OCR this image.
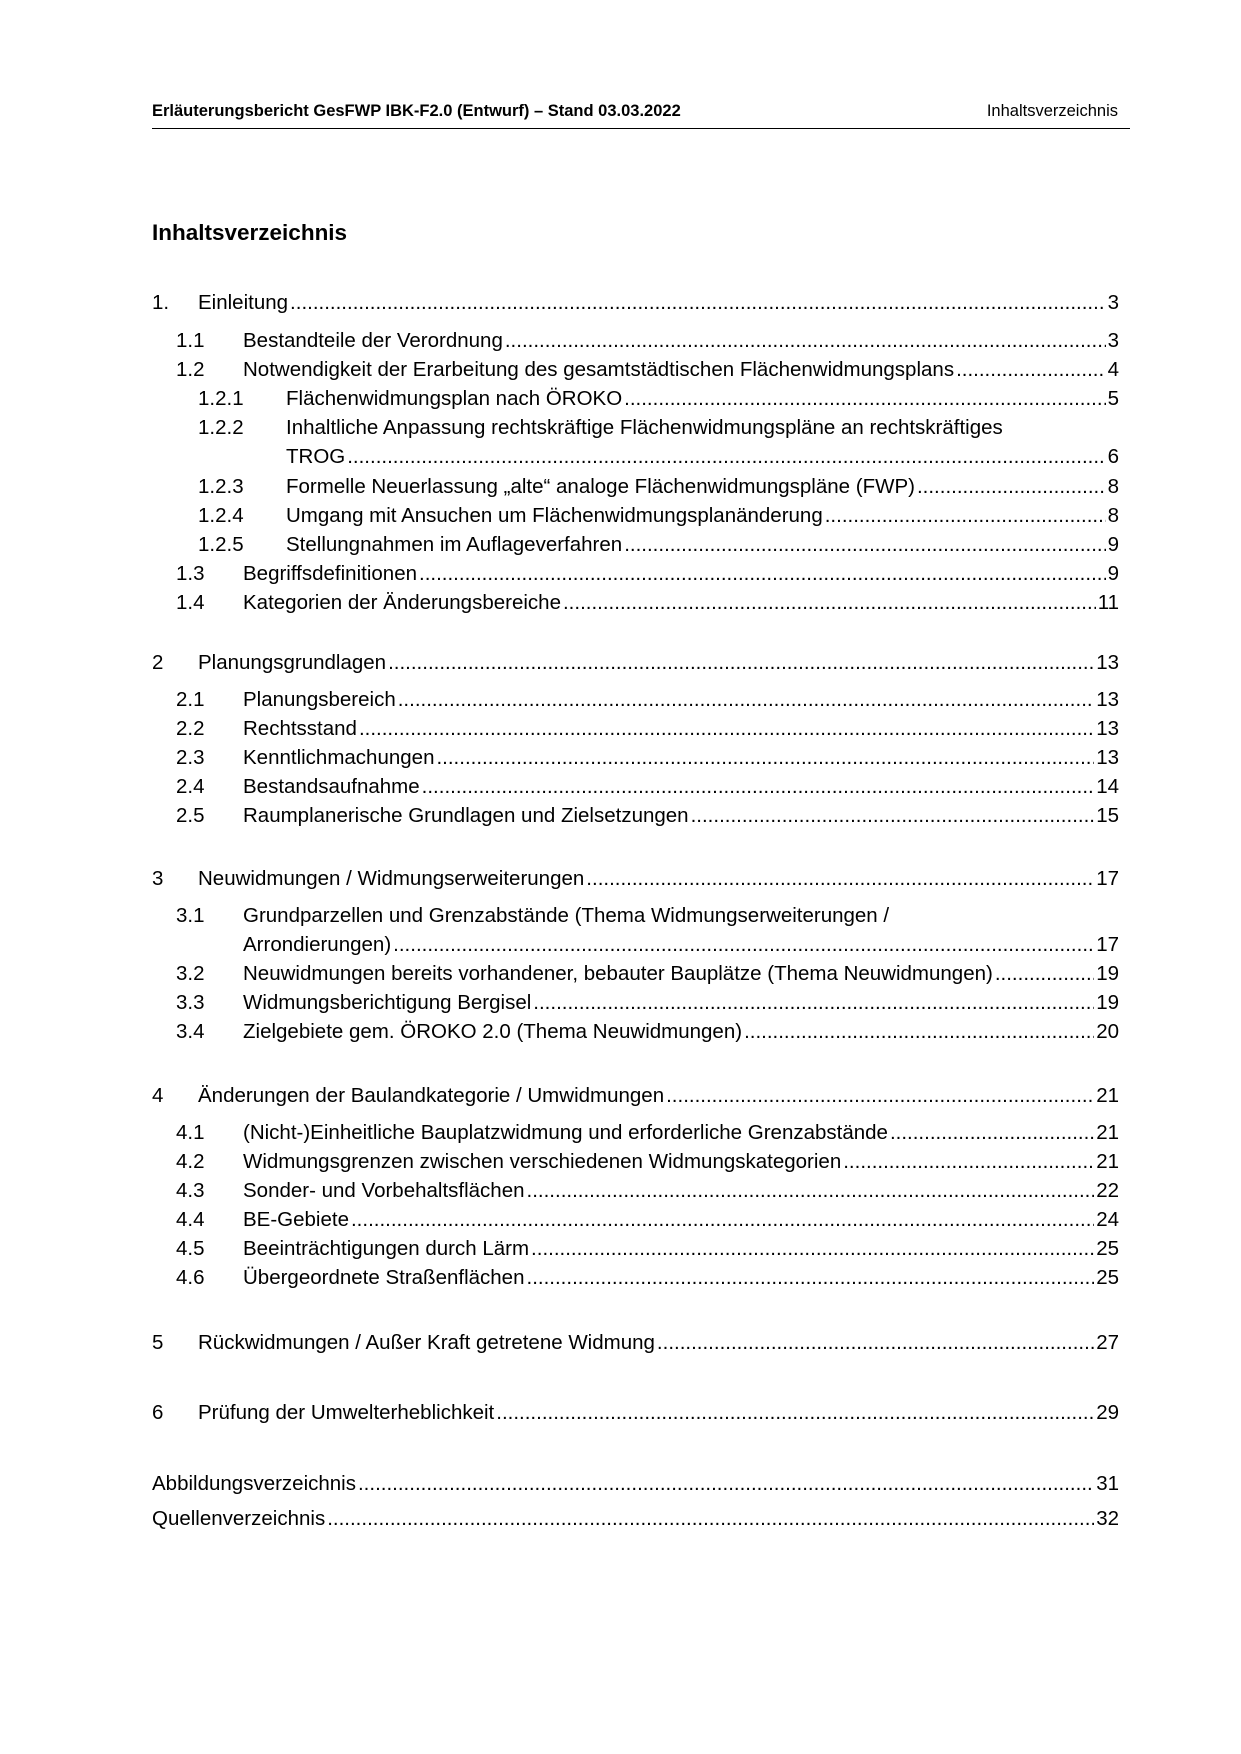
Erläuterungsbericht GesFWP IBK-F2.0 (Entwurf) – Stand 03.03.2022	Inhaltsverzeichnis
Inhaltsverzeichnis
1. Einleitung .....	3
1.1 Bestandteile der Verordnung .....	3
1.2 Notwendigkeit der Erarbeitung des gesamtstädtischen Flächenwidmungsplans .....	4
1.2.1 Flächenwidmungsplan nach ÖROKO .....	5
1.2.2 Inhaltliche Anpassung rechtskräftige Flächenwidmungspläne an rechtskräftiges
TROG .....	6
1.2.3 Formelle Neuerlassung „alte“ analoge Flächenwidmungspläne (FWP) .....	8
1.2.4 Umgang mit Ansuchen um Flächenwidmungsplanänderung .....	8
1.2.5 Stellungnahmen im Auflageverfahren .....	9
1.3 Begriffsdefinitionen .....	9
1.4 Kategorien der Änderungsbereiche .....	11
2 Planungsgrundlagen .....	13
2.1 Planungsbereich .....	13
2.2 Rechtsstand .....	13
2.3 Kenntlichmachungen .....	13
2.4 Bestandsaufnahme .....	14
2.5 Raumplanerische Grundlagen und Zielsetzungen .....	15
3 Neuwidmungen / Widmungserweiterungen .....	17
3.1 Grundparzellen und Grenzabstände (Thema Widmungserweiterungen /
Arrondierungen) .....	17
3.2 Neuwidmungen bereits vorhandener, bebauter Bauplätze (Thema Neuwidmungen) .....	19
3.3 Widmungsberichtigung Bergisel .....	19
3.4 Zielgebiete gem. ÖROKO 2.0 (Thema Neuwidmungen) .....	20
4 Änderungen der Baulandkategorie / Umwidmungen .....	21
4.1 (Nicht-)Einheitliche Bauplatzwidmung und erforderliche Grenzabstände .....	21
4.2 Widmungsgrenzen zwischen verschiedenen Widmungskategorien .....	21
4.3 Sonder- und Vorbehaltsflächen .....	22
4.4 BE-Gebiete .....	24
4.5 Beeinträchtigungen durch Lärm .....	25
4.6 Übergeordnete Straßenflächen .....	25
5 Rückwidmungen / Außer Kraft getretene Widmung .....	27
6 Prüfung der Umwelterheblichkeit .....	29
Abbildungsverzeichnis .....	31
Quellenverzeichnis .....	32
